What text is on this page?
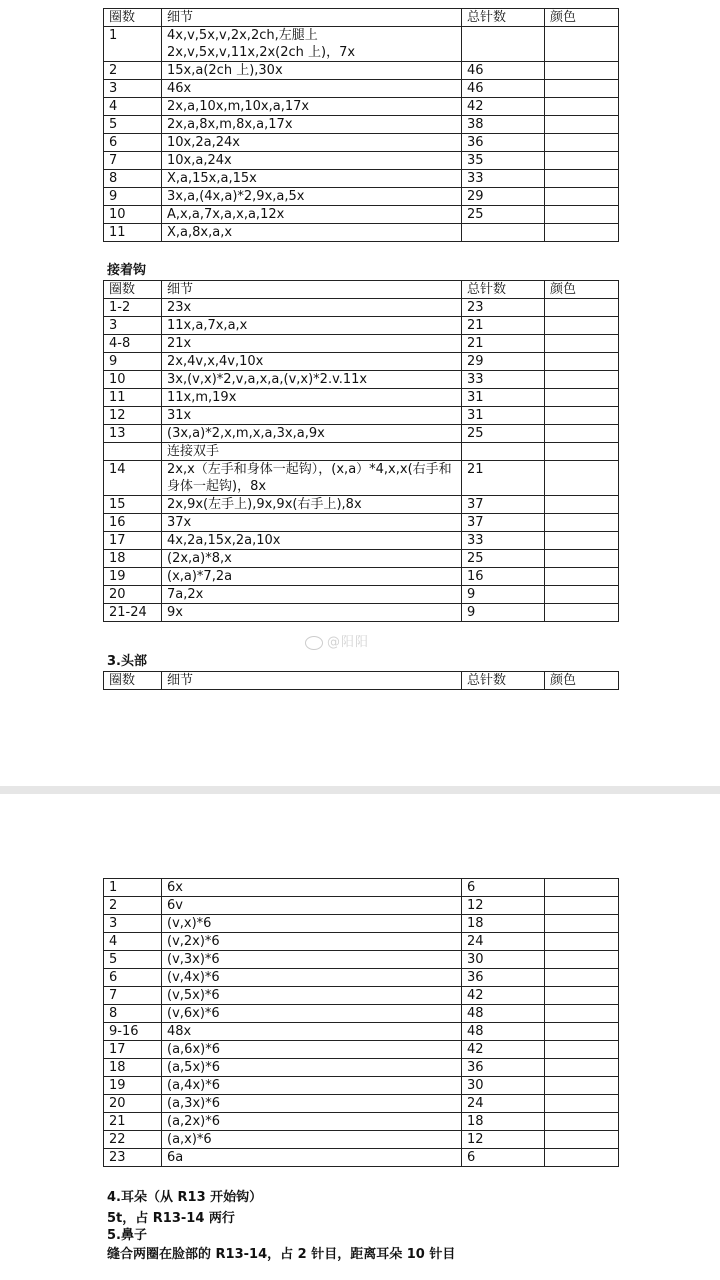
圈数	细节	总针数	颜色
1	4x,v,5x,v,2x,2ch,左腿上 2x,v,5x,v,11x,2x(2ch 上)，7x		
2	15x,a(2ch 上),30x	46	
3	46x	46	
4	2x,a,10x,m,10x,a,17x	42	
5	2x,a,8x,m,8x,a,17x	38	
6	10x,2a,24x	36	
7	10x,a,24x	35	
8	X,a,15x,a,15x	33	
9	3x,a,(4x,a)*2,9x,a,5x	29	
10	A,x,a,7x,a,x,a,12x	25	
11	X,a,8x,a,x		
接着钩
圈数	细节	总针数	颜色
1-2	23x	23	
3	11x,a,7x,a,x	21	
4-8	21x	21	
9	2x,4v,x,4v,10x	29	
10	3x,(v,x)*2,v,a,x,a,(v,x)*2.v.11x	33	
11	11x,m,19x	31	
12	31x	31	
13	(3x,a)*2,x,m,x,a,3x,a,9x	25	
	连接双手		
14	2x,x（左手和身体一起钩），(x,a）*4,x,x(右手和身体一起钩)，8x	21	
15	2x,9x(左手上),9x,9x(右手上),8x	37	
16	37x	37	
17	4x,2a,15x,2a,10x	33	
18	(2x,a)*8,x	25	
19	(x,a)*7,2a	16	
20	7a,2x	9	
21-24	9x	9	
@阳阳
3.头部
圈数	细节	总针数	颜色
1	6x	6	
2	6v	12	
3	(v,x)*6	18	
4	(v,2x)*6	24	
5	(v,3x)*6	30	
6	(v,4x)*6	36	
7	(v,5x)*6	42	
8	(v,6x)*6	48	
9-16	48x	48	
17	(a,6x)*6	42	
18	(a,5x)*6	36	
19	(a,4x)*6	30	
20	(a,3x)*6	24	
21	(a,2x)*6	18	
22	(a,x)*6	12	
23	6a	6	
4.耳朵（从 R13 开始钩）
5t，占 R13-14 两行
5.鼻子
缝合两圈在脸部的 R13-14，占 2 针目，距离耳朵 10 针目
